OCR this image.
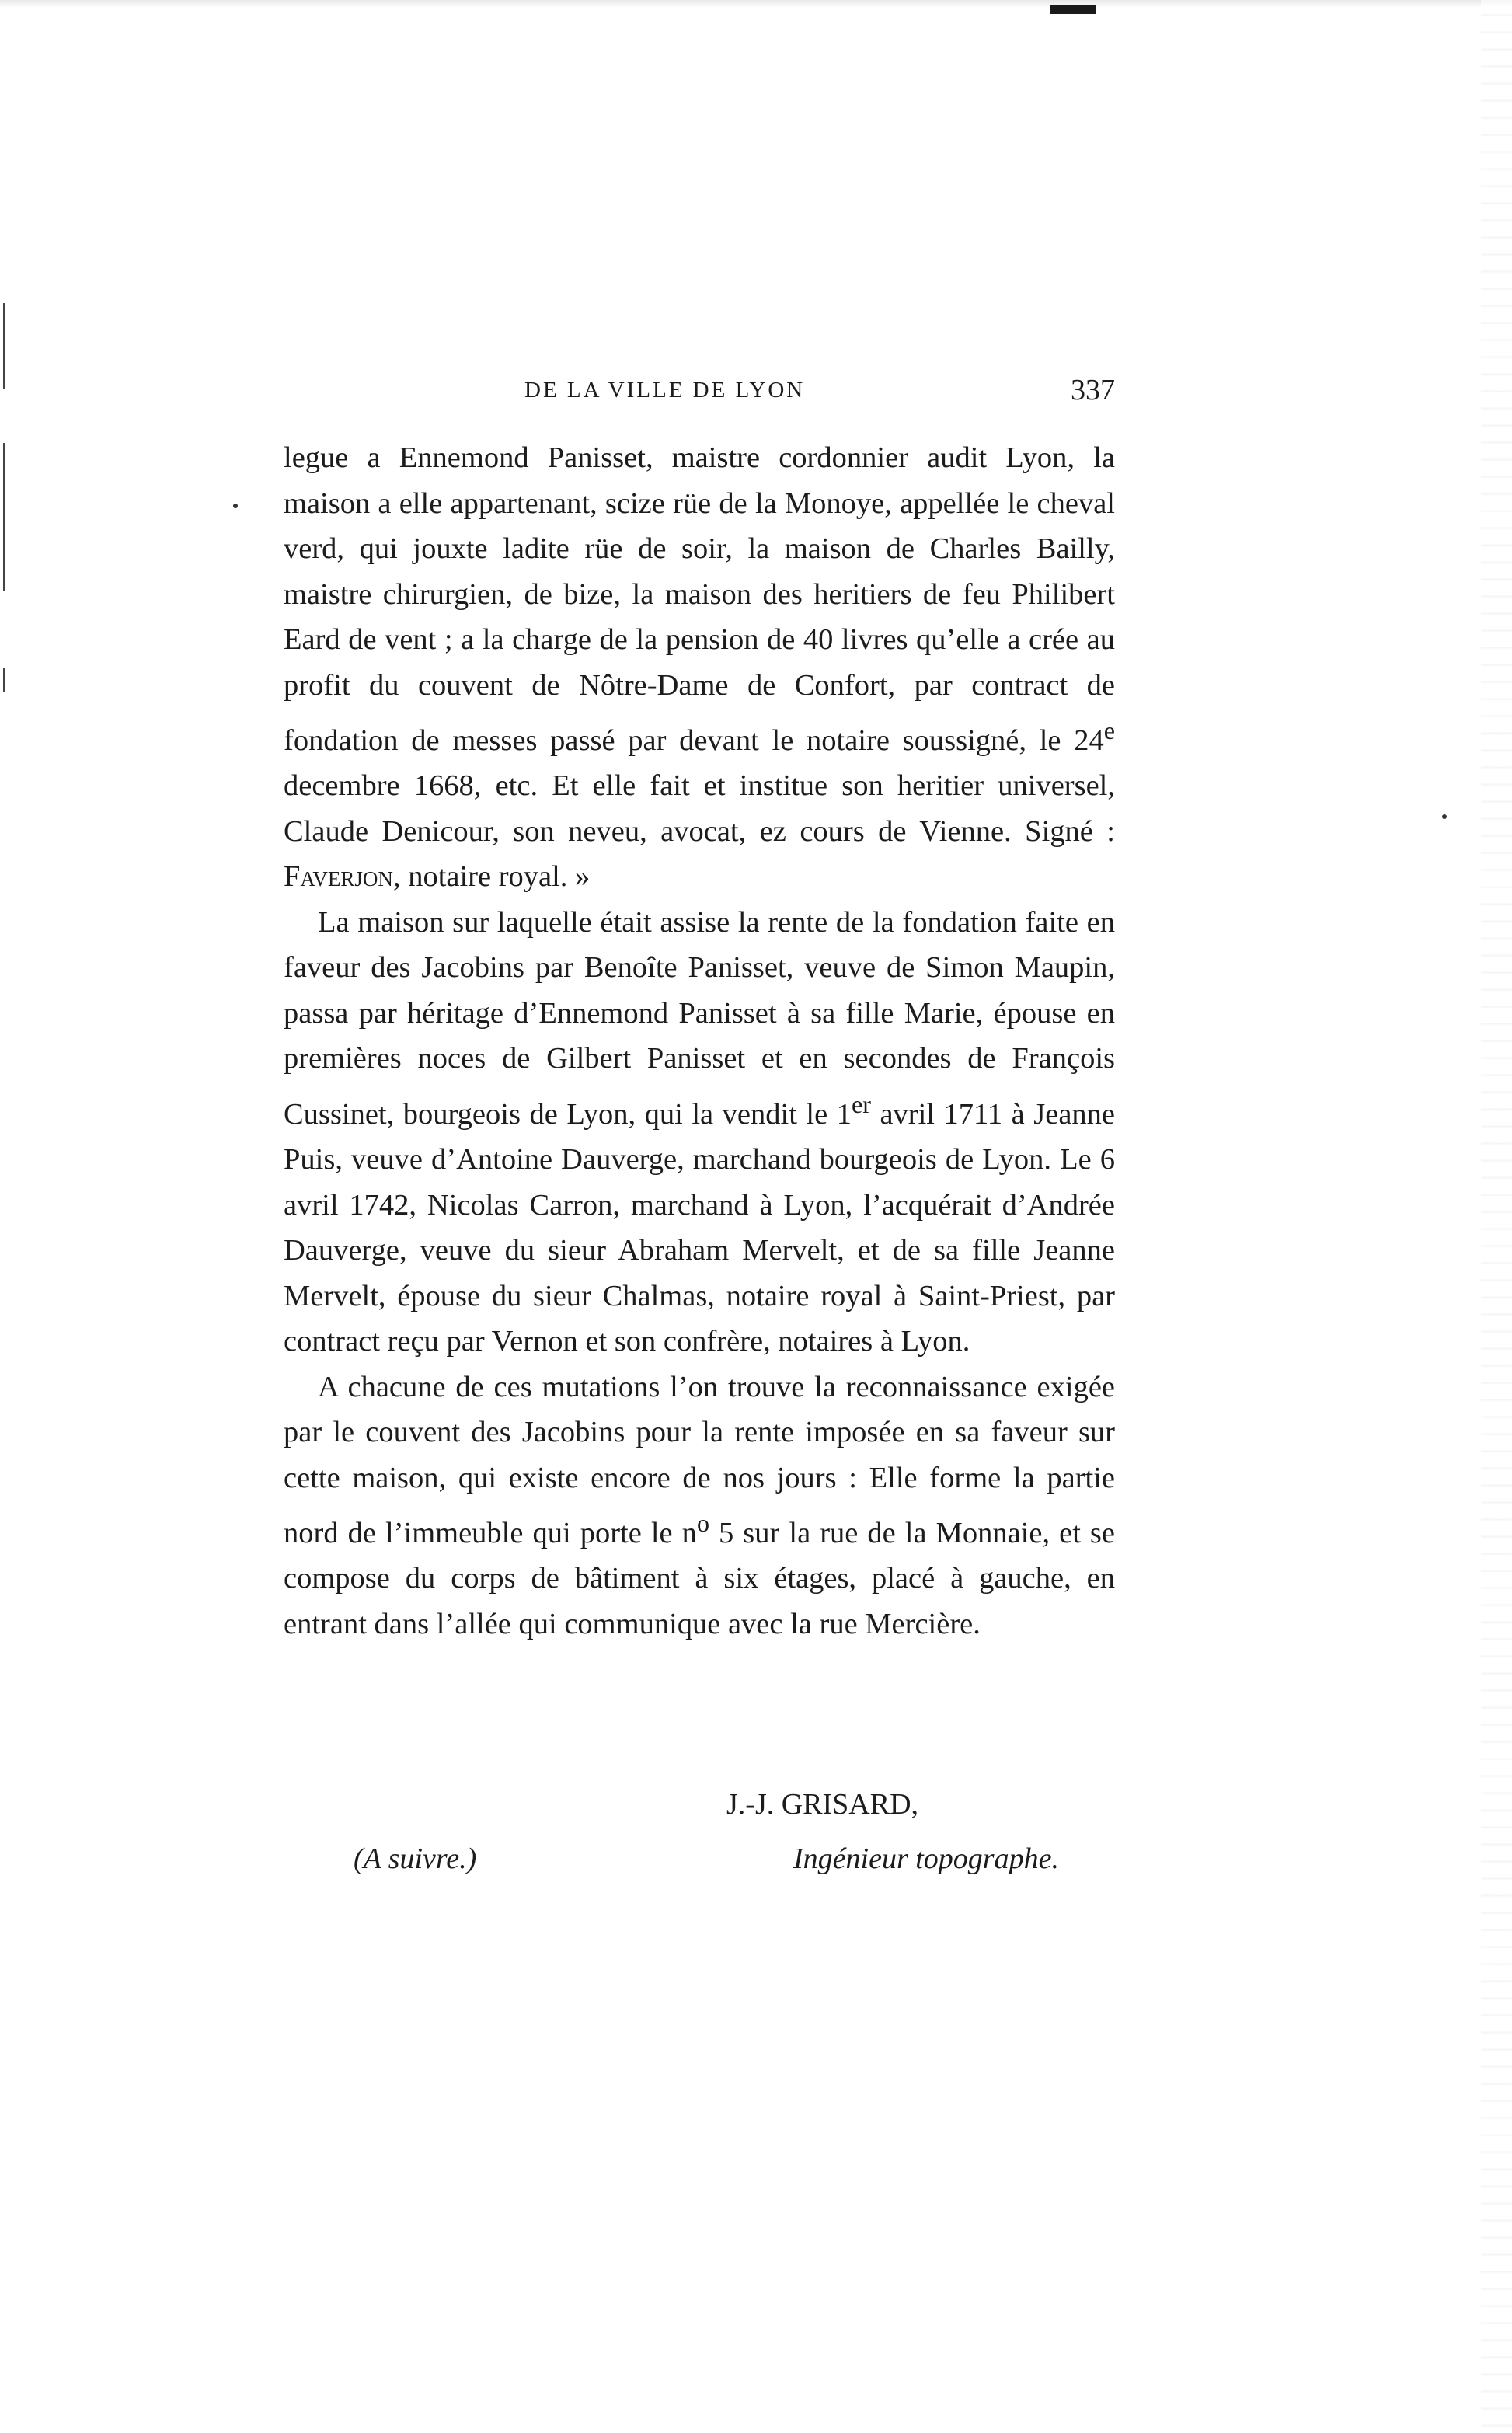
DE LA VILLE DE LYON	337

legue a Ennemond Panisset, maistre cordonnier audit Lyon, la maison a elle appartenant, scize rüe de la Monoye, appellée le cheval verd, qui jouxte ladite rüe de soir, la maison de Charles Bailly, maistre chirurgien, de bize, la maison des heritiers de feu Philibert Eard de vent ; a la charge de la pension de 40 livres qu’elle a crée au profit du couvent de Nôtre-Dame de Confort, par contract de fondation de messes passé par devant le notaire soussigné, le 24e decembre 1668, etc. Et elle fait et institue son heritier universel, Claude Denicour, son neveu, avocat, ez cours de Vienne. Signé : Faverjon, notaire royal. »

La maison sur laquelle était assise la rente de la fondation faite en faveur des Jacobins par Benoîte Panisset, veuve de Simon Maupin, passa par héritage d’Ennemond Panisset à sa fille Marie, épouse en premières noces de Gilbert Panisset et en secondes de François Cussinet, bourgeois de Lyon, qui la vendit le 1er avril 1711 à Jeanne Puis, veuve d’Antoine Dauverge, marchand bourgeois de Lyon. Le 6 avril 1742, Nicolas Carron, marchand à Lyon, l’acquérait d’Andrée Dauverge, veuve du sieur Abraham Mervelt, et de sa fille Jeanne Mervelt, épouse du sieur Chalmas, notaire royal à Saint-Priest, par contract reçu par Vernon et son confrère, notaires à Lyon.

A chacune de ces mutations l’on trouve la reconnaissance exigée par le couvent des Jacobins pour la rente imposée en sa faveur sur cette maison, qui existe encore de nos jours : Elle forme la partie nord de l’immeuble qui porte le $n^o$ 5 sur la rue de la Monnaie, et se compose du corps de bâtiment à six étages, placé à gauche, en entrant dans l’allée qui communique avec la rue Mercière.

J.-J. GRISARD,
(A suivre.)	Ingénieur topographe.
